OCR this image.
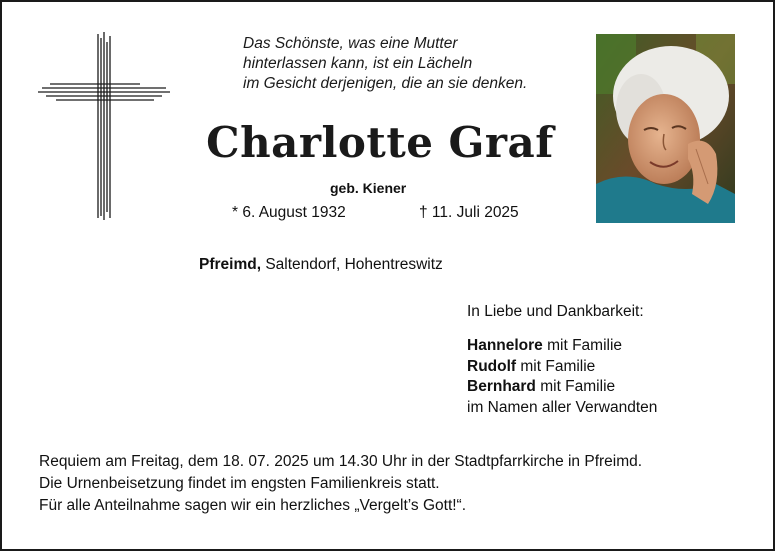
Das Schönste, was eine Mutter
hinterlassen kann, ist ein Lächeln
im Gesicht derjenigen, die an sie denken.
Charlotte Graf
geb. Kiener
* 6. August 1932	† 11. Juli 2025
Pfreimd, Saltendorf, Hohentreswitz
In Liebe und Dankbarkeit:
Hannelore mit Familie
Rudolf mit Familie
Bernhard mit Familie
im Namen aller Verwandten
Requiem am Freitag, dem 18. 07. 2025 um 14.30 Uhr in der Stadtpfarrkirche in Pfreimd.
Die Urnenbeisetzung findet im engsten Familienkreis statt.
Für alle Anteilnahme sagen wir ein herzliches „Vergelt’s Gott!“.
